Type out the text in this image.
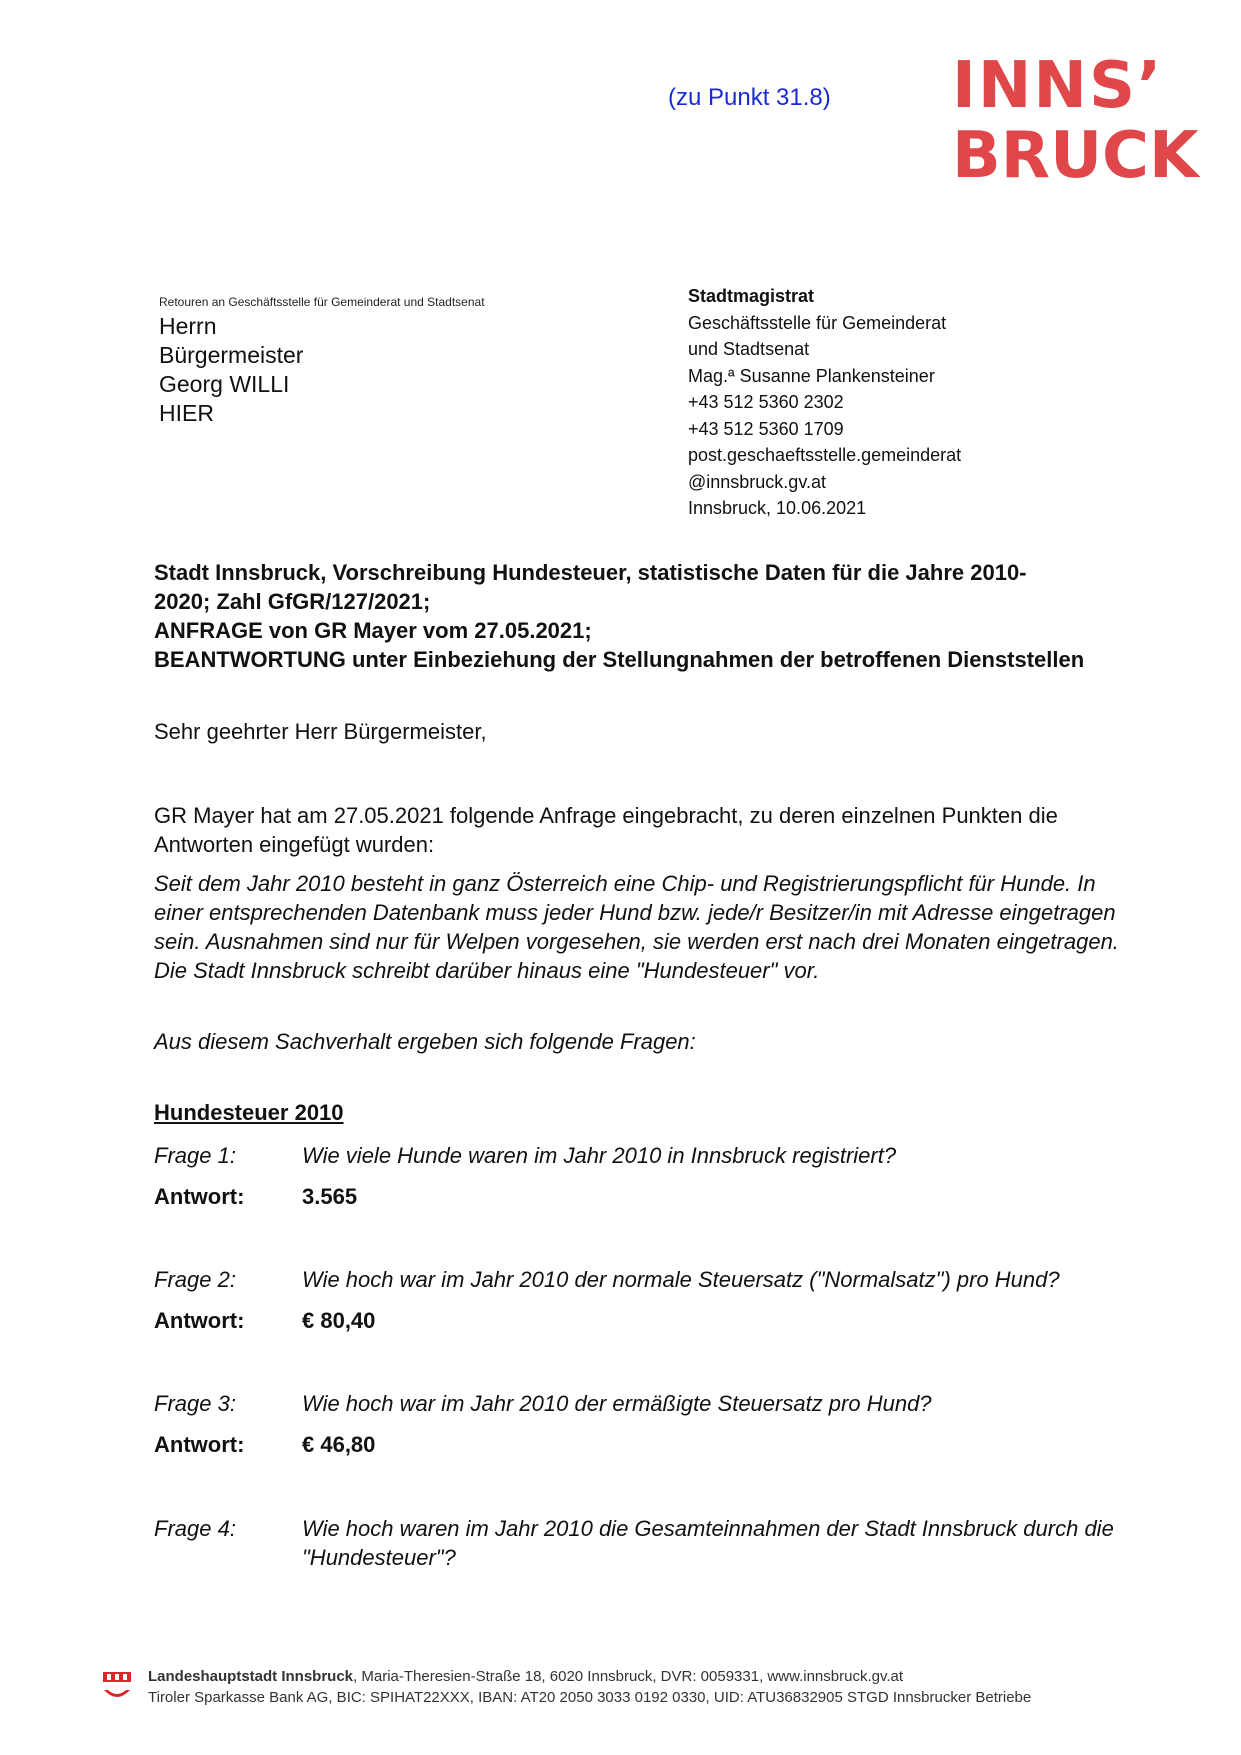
(zu Punkt 31.8) INNS’
BRUCK
Retouren an Geschäftsstelle für Gemeinderat und Stadtsenat
Herrn
Bürgermeister
Georg WILLI
HIER
Stadtmagistrat
Geschäftsstelle für Gemeinderat
und Stadtsenat
Mag.ª Susanne Plankensteiner
+43 512 5360 2302
+43 512 5360 1709
post.geschaeftsstelle.gemeinderat
@innsbruck.gv.at
Innsbruck, 10.06.2021
Stadt Innsbruck, Vorschreibung Hundesteuer, statistische Daten für die Jahre 2010-
2020; Zahl GfGR/127/2021;
ANFRAGE von GR Mayer vom 27.05.2021;
BEANTWORTUNG unter Einbeziehung der Stellungnahmen der betroffenen Dienststellen
Sehr geehrter Herr Bürgermeister,
GR Mayer hat am 27.05.2021 folgende Anfrage eingebracht, zu deren einzelnen Punkten die Antworten eingefügt wurden:
Seit dem Jahr 2010 besteht in ganz Österreich eine Chip- und Registrierungspflicht für Hunde. In einer entsprechenden Datenbank muss jeder Hund bzw. jede/r Besitzer/in mit Adresse eingetragen sein. Ausnahmen sind nur für Welpen vorgesehen, sie werden erst nach drei Monaten eingetragen. Die Stadt Innsbruck schreibt darüber hinaus eine "Hundesteuer" vor.
Aus diesem Sachverhalt ergeben sich folgende Fragen:
Hundesteuer 2010
Frage 1:	Wie viele Hunde waren im Jahr 2010 in Innsbruck registriert?
Antwort:	3.565
Frage 2:	Wie hoch war im Jahr 2010 der normale Steuersatz ("Normalsatz") pro Hund?
Antwort:	€ 80,40
Frage 3:	Wie hoch war im Jahr 2010 der ermäßigte Steuersatz pro Hund?
Antwort:	€ 46,80
Frage 4:	Wie hoch waren im Jahr 2010 die Gesamteinnahmen der Stadt Innsbruck durch die "Hundesteuer"?
Landeshauptstadt Innsbruck, Maria-Theresien-Straße 18, 6020 Innsbruck, DVR: 0059331, www.innsbruck.gv.at
Tiroler Sparkasse Bank AG, BIC: SPIHAT22XXX, IBAN: AT20 2050 3033 0192 0330, UID: ATU36832905 STGD Innsbrucker Betriebe
